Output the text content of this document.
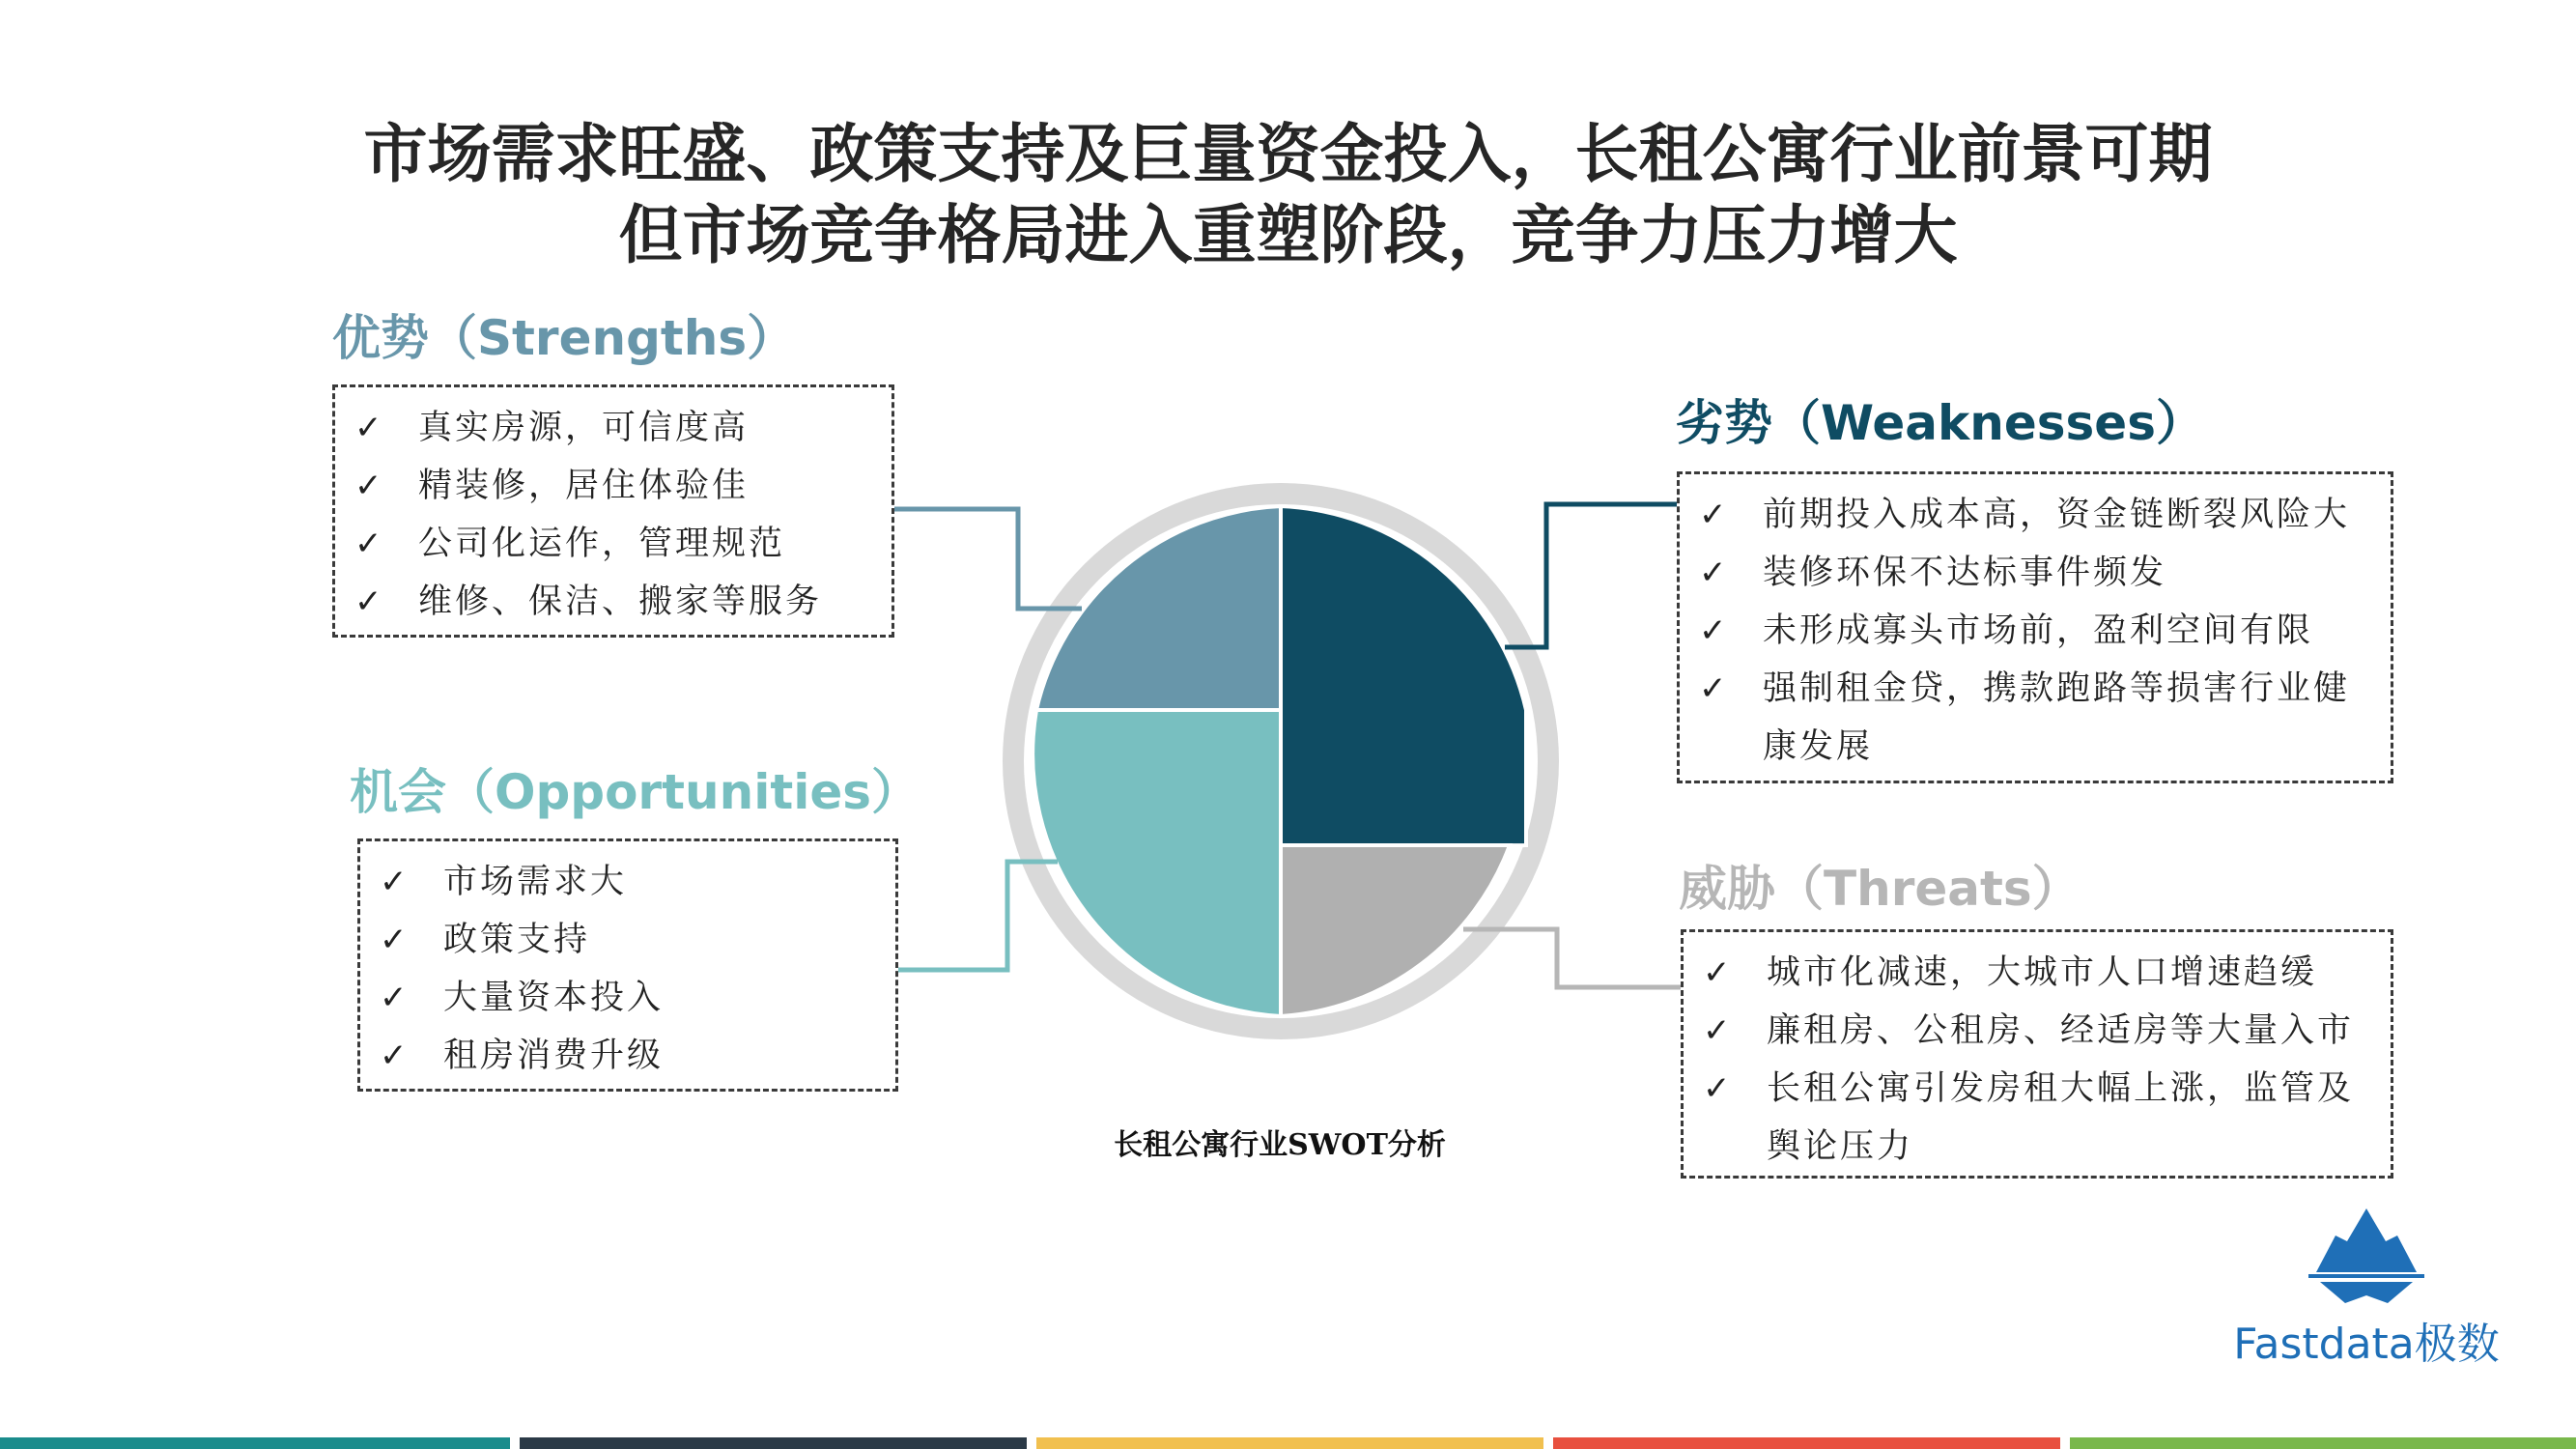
市场需求旺盛、政策支持及巨量资金投入，长租公寓行业前景可期
但市场竞争格局进入重塑阶段，竞争力压力增大
优势（Strengths）
✓ 真实房源，可信度高
✓ 精装修，居住体验佳
✓ 公司化运作，管理规范
✓ 维修、保洁、搬家等服务
劣势（Weaknesses）
✓ 前期投入成本高，资金链断裂风险大
✓ 装修环保不达标事件频发
✓ 未形成寡头市场前，盈利空间有限
✓ 强制租金贷，携款跑路等损害行业健
康发展
机会（Opportunities）
✓ 市场需求大
✓ 政策支持
✓ 大量资本投入
✓ 租房消费升级
威胁（Threats）
✓ 城市化减速，大城市人口增速趋缓
✓ 廉租房、公租房、经适房等大量入市
✓ 长租公寓引发房租大幅上涨，监管及
舆论压力
长租公寓行业SWOT分析
Fastdata极数
